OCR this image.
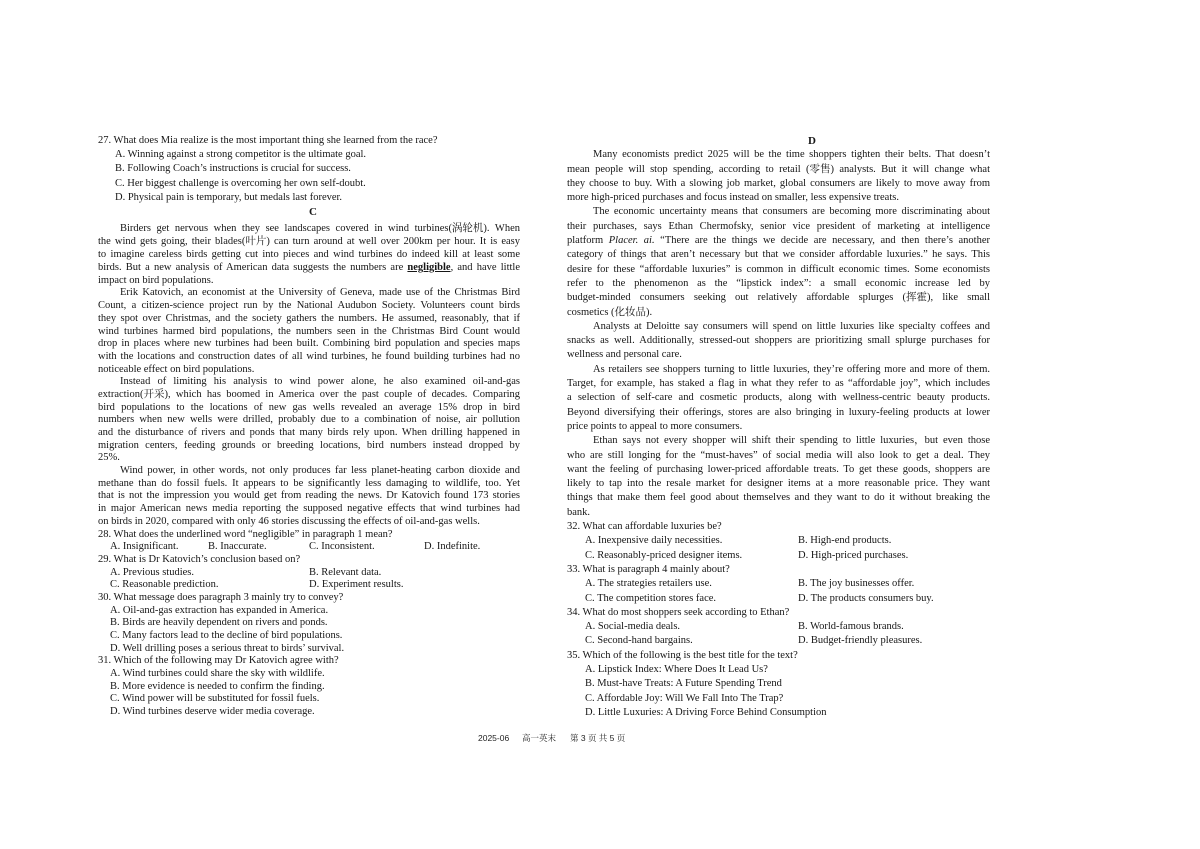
27. What does Mia realize is the most important thing she learned from the race?
A. Winning against a strong competitor is the ultimate goal.
B. Following Coach’s instructions is crucial for success.
C. Her biggest challenge is overcoming her own self-doubt.
D. Physical pain is temporary, but medals last forever.
C
Birders get nervous when they see landscapes covered in wind turbines(涡轮机). When
the wind gets going, their blades(叶片) can turn around at well over 200km per hour. It is easy
to imagine careless birds getting cut into pieces and wind turbines do indeed kill at least some
birds. But a new analysis of American data suggests the numbers are negligible, and have little
impact on bird populations.
Erik Katovich, an economist at the University of Geneva, made use of the Christmas Bird
Count, a citizen-science project run by the National Audubon Society. Volunteers count birds
they spot over Christmas, and the society gathers the numbers. He assumed, reasonably, that if
wind turbines harmed bird populations, the numbers seen in the Christmas Bird Count would
drop in places where new turbines had been built. Combining bird population and species maps
with the locations and construction dates of all wind turbines, he found building turbines had no
noticeable effect on bird populations.
Instead of limiting his analysis to wind power alone, he also examined oil-and-gas
extraction(开采), which has boomed in America over the past couple of decades. Comparing
bird populations to the locations of new gas wells revealed an average 15% drop in bird
numbers when new wells were drilled, probably due to a combination of noise, air pollution
and the disturbance of rivers and ponds that many birds rely upon. When drilling happened in
migration centers, feeding grounds or breeding locations, bird numbers instead dropped by
25%.
Wind power, in other words, not only produces far less planet-heating carbon dioxide and
methane than do fossil fuels. It appears to be significantly less damaging to wildlife, too. Yet
that is not the impression you would get from reading the news. Dr Katovich found 173 stories
in major American news media reporting the supposed negative effects that wind turbines had
on birds in 2020, compared with only 46 stories discussing the effects of oil-and-gas wells.
28. What does the underlined word “negligible” in paragraph 1 mean?
A. Insignificant.	B. Inaccurate.	C. Inconsistent.	D. Indefinite.
29. What is Dr Katovich’s conclusion based on?
A. Previous studies.	B. Relevant data.
C. Reasonable prediction.	D. Experiment results.
30. What message does paragraph 3 mainly try to convey?
A. Oil-and-gas extraction has expanded in America.
B. Birds are heavily dependent on rivers and ponds.
C. Many factors lead to the decline of bird populations.
D. Well drilling poses a serious threat to birds’ survival.
31. Which of the following may Dr Katovich agree with?
A. Wind turbines could share the sky with wildlife.
B. More evidence is needed to confirm the finding.
C. Wind power will be substituted for fossil fuels.
D. Wind turbines deserve wider media coverage.
D
Many economists predict 2025 will be the time shoppers tighten their belts. That doesn’t
mean people will stop spending, according to retail (零售) analysts. But it will change what
they choose to buy. With a slowing job market, global consumers are likely to move away from
more high-priced purchases and focus instead on smaller, less expensive treats.
The economic uncertainty means that consumers are becoming more discriminating about
their purchases, says Ethan Chermofsky, senior vice president of marketing at intelligence
platform Placer. ai. “There are the things we decide are necessary, and then there’s another
category of things that aren’t necessary but that we consider affordable luxuries.” he says. This
desire for these “affordable luxuries” is common in difficult economic times. Some economists
refer to the phenomenon as the “lipstick index”: a small economic increase led by
budget-minded consumers seeking out relatively affordable splurges (挥霍), like small
cosmetics (化妆品).
Analysts at Deloitte say consumers will spend on little luxuries like specialty coffees and
snacks as well. Additionally, stressed-out shoppers are prioritizing small splurge purchases for
wellness and personal care.
As retailers see shoppers turning to little luxuries, they’re offering more and more of them.
Target, for example, has staked a flag in what they refer to as “affordable joy”, which includes
a selection of self-care and cosmetic products, along with wellness-centric beauty products.
Beyond diversifying their offerings, stores are also bringing in luxury-feeling products at lower
price points to appeal to more consumers.
Ethan says not every shopper will shift their spending to little luxuries，but even those
who are still longing for the “must-haves” of social media will also look to get a deal. They
want the feeling of purchasing lower-priced affordable treats. To get these goods, shoppers are
likely to tap into the resale market for designer items at a more reasonable price. They want
things that make them feel good about themselves and they want to do it without breaking the
bank.
32. What can affordable luxuries be?
A. Inexpensive daily necessities.	B. High-end products.
C. Reasonably-priced designer items.	D. High-priced purchases.
33. What is paragraph 4 mainly about?
A. The strategies retailers use.	B. The joy businesses offer.
C. The competition stores face.	D. The products consumers buy.
34. What do most shoppers seek according to Ethan?
A. Social-media deals.	B. World-famous brands.
C. Second-hand bargains.	D. Budget-friendly pleasures.
35. Which of the following is the best title for the text?
A. Lipstick Index: Where Does It Lead Us?
B. Must-have Treats: A Future Spending Trend
C. Affordable Joy: Will We Fall Into The Trap?
D. Little Luxuries: A Driving Force Behind Consumption
2025-06 高一英末 第 3 页 共 5 页
